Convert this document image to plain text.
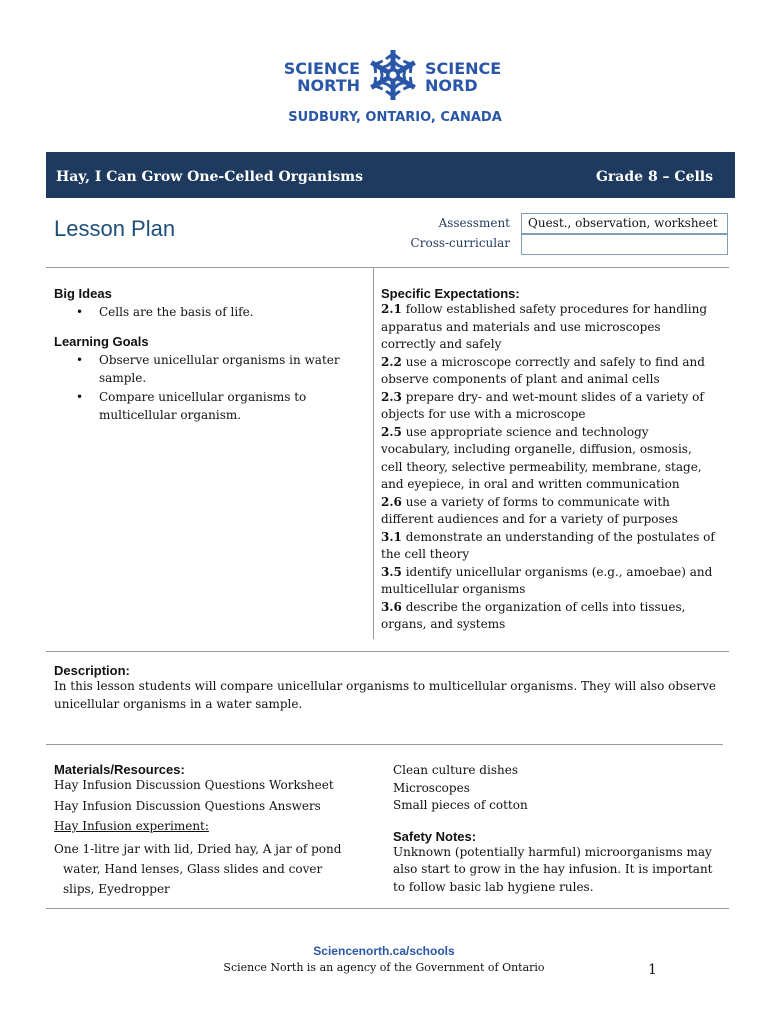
SCIENCE
NORTH
SCIENCE
NORD
SUDBURY, ONTARIO, CANADA
Hay, I Can Grow One-Celled Organisms	Grade 8 – Cells
Lesson Plan	Assessment	Quest., observation, worksheet
Cross-curricular
Big Ideas
• Cells are the basis of life.
Learning Goals
• Observe unicellular organisms in water sample.
• Compare unicellular organisms to multicellular organism.
Specific Expectations:
2.1 follow established safety procedures for handling apparatus and materials and use microscopes correctly and safely
2.2 use a microscope correctly and safely to find and observe components of plant and animal cells
2.3 prepare dry- and wet-mount slides of a variety of objects for use with a microscope
2.5 use appropriate science and technology vocabulary, including organelle, diffusion, osmosis, cell theory, selective permeability, membrane, stage, and eyepiece, in oral and written communication
2.6 use a variety of forms to communicate with different audiences and for a variety of purposes
3.1 demonstrate an understanding of the postulates of the cell theory
3.5 identify unicellular organisms (e.g., amoebae) and multicellular organisms
3.6 describe the organization of cells into tissues, organs, and systems
Description:
In this lesson students will compare unicellular organisms to multicellular organisms. They will also observe unicellular organisms in a water sample.
Materials/Resources:
Hay Infusion Discussion Questions Worksheet
Hay Infusion Discussion Questions Answers
Hay Infusion experiment:
One 1-litre jar with lid, Dried hay, A jar of pond water, Hand lenses, Glass slides and cover slips, Eyedropper
Clean culture dishes
Microscopes
Small pieces of cotton
Safety Notes:
Unknown (potentially harmful) microorganisms may also start to grow in the hay infusion. It is important to follow basic lab hygiene rules.
Sciencenorth.ca/schools
Science North is an agency of the Government of Ontario	1
